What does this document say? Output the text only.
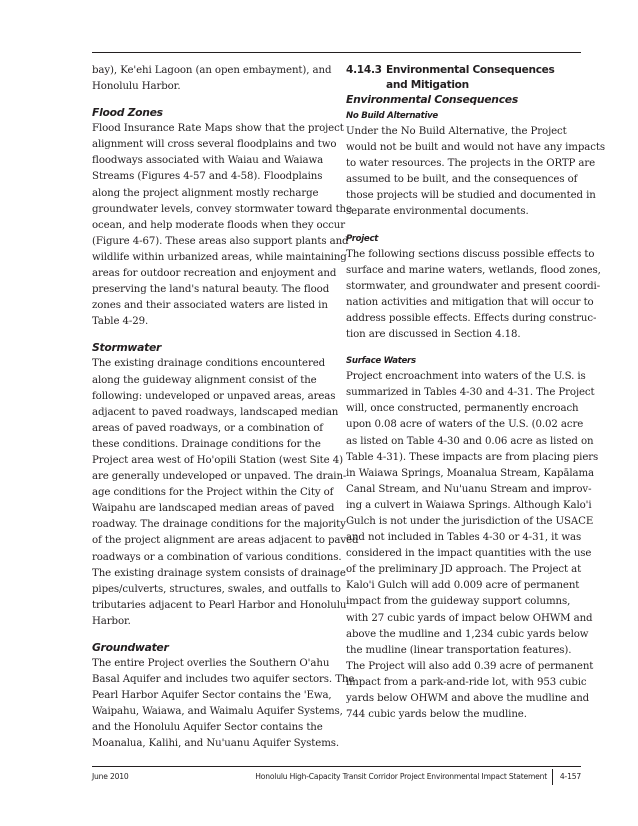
bay), Ke'ehi Lagoon (an open embayment), and

Honolulu Harbor.

Flood Zones

Flood Insurance Rate Maps show that the project

alignment will cross several floodplains and two

floodways associated with Waiau and Waiawa

Streams (Figures 4-57 and 4-58). Floodplains

along the project alignment mostly recharge

groundwater levels, convey stormwater toward the

ocean, and help moderate floods when they occur

(Figure 4-67). These areas also support plants and

wildlife within urbanized areas, while maintaining

areas for outdoor recreation and enjoyment and

preserving the land's natural beauty. The flood

zones and their associated waters are listed in

Table 4-29.

Stormwater

The existing drainage conditions encountered

along the guideway alignment consist of the

following: undeveloped or unpaved areas, areas

adjacent to paved roadways, landscaped median

areas of paved roadways, or a combination of

these conditions. Drainage conditions for the

Project area west of Ho'opili Station (west Site 4)

are generally undeveloped or unpaved. The drain-

age conditions for the Project within the City of

Waipahu are landscaped median areas of paved

roadway. The drainage conditions for the majority

of the project alignment are areas adjacent to paved

roadways or a combination of various conditions.

The existing drainage system consists of drainage

pipes/culverts, structures, swales, and outfalls to

tributaries adjacent to Pearl Harbor and Honolulu

Harbor.

Groundwater

The entire Project overlies the Southern O'ahu

Basal Aquifer and includes two aquifer sectors. The

Pearl Harbor Aquifer Sector contains the 'Ewa,

Waipahu, Waiawa, and Waimalu Aquifer Systems,

and the Honolulu Aquifer Sector contains the

Moanalua, Kalihi, and Nu'uanu Aquifer Systems.

4.14.3 Environmental Consequences

and Mitigation

Environmental Consequences

No Build Alternative

Under the No Build Alternative, the Project

would not be built and would not have any impacts

to water resources. The projects in the ORTP are

assumed to be built, and the consequences of

those projects will be studied and documented in

separate environmental documents.

Project

The following sections discuss possible effects to

surface and marine waters, wetlands, flood zones,

stormwater, and groundwater and present coordi-

nation activities and mitigation that will occur to

address possible effects. Effects during construc-

tion are discussed in Section 4.18.

Surface Waters

Project encroachment into waters of the U.S. is

summarized in Tables 4-30 and 4-31. The Project

will, once constructed, permanently encroach

upon 0.08 acre of waters of the U.S. (0.02 acre

as listed on Table 4-30 and 0.06 acre as listed on

Table 4-31). These impacts are from placing piers

in Waiawa Springs, Moanalua Stream, Kapālama

Canal Stream, and Nu'uanu Stream and improv-

ing a culvert in Waiawa Springs. Although Kalo'i

Gulch is not under the jurisdiction of the USACE

and not included in Tables 4-30 or 4-31, it was

considered in the impact quantities with the use

of the preliminary JD approach. The Project at

Kalo'i Gulch will add 0.009 acre of permanent

impact from the guideway support columns,

with 27 cubic yards of impact below OHWM and

above the mudline and 1,234 cubic yards below

the mudline (linear transportation features).

The Project will also add 0.39 acre of permanent

impact from a park-and-ride lot, with 953 cubic

yards below OHWM and above the mudline and

744 cubic yards below the mudline.

June 2010	Honolulu High-Capacity Transit Corridor Project Environmental Impact Statement 4-157
